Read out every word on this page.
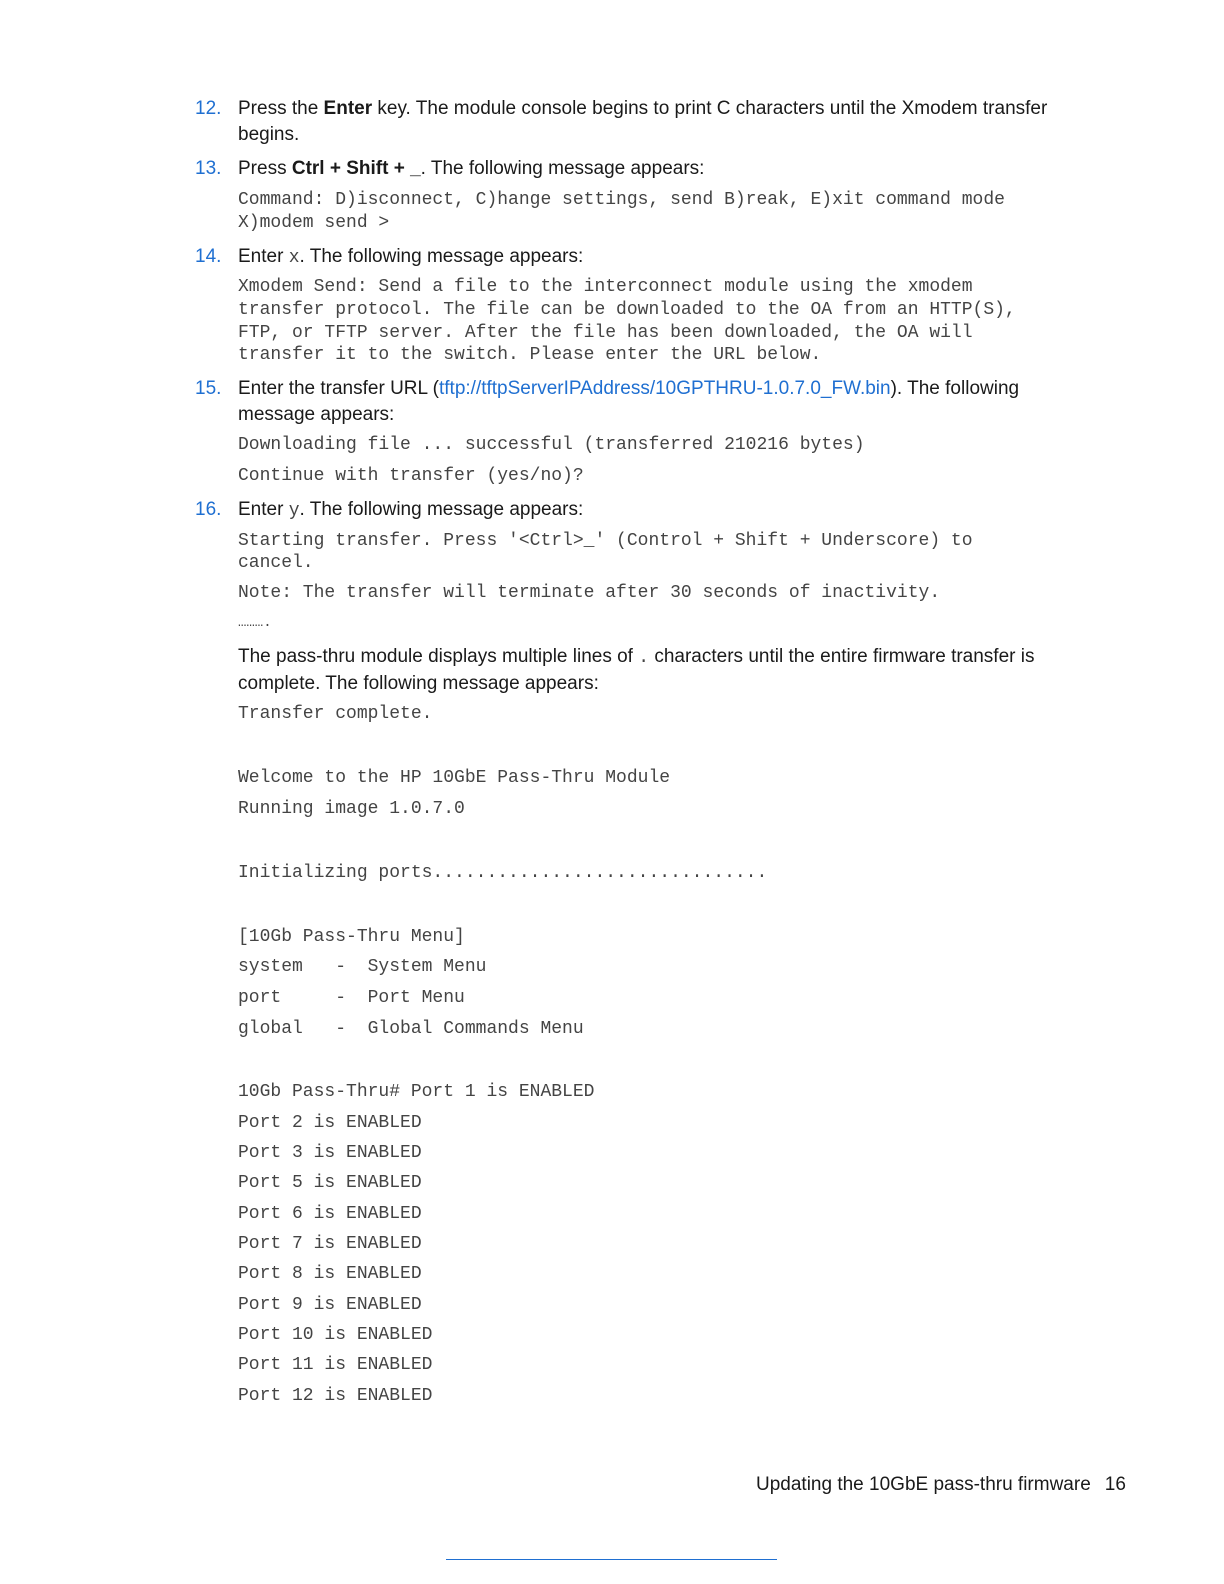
12. Press the Enter key. The module console begins to print C characters until the Xmodem transfer begins.
13. Press Ctrl + Shift + _. The following message appears:
Command: D)isconnect, C)hange settings, send B)reak, E)xit command mode
X)modem send >
14. Enter x. The following message appears:
Xmodem Send: Send a file to the interconnect module using the xmodem
transfer protocol. The file can be downloaded to the OA from an HTTP(S),
FTP, or TFTP server. After the file has been downloaded, the OA will
transfer it to the switch. Please enter the URL below.
15. Enter the transfer URL (tftp://tftpServerIPAddress/10GPTHRU-1.0.7.0_FW.bin). The following message appears:
Downloading file ... successful (transferred 210216 bytes)
Continue with transfer (yes/no)?
16. Enter y. The following message appears:
Starting transfer. Press '<Ctrl>_' (Control + Shift + Underscore) to
cancel.
Note: The transfer will terminate after 30 seconds of inactivity.
……….
The pass-thru module displays multiple lines of . characters until the entire firmware transfer is complete. The following message appears:
Transfer complete.
Welcome to the HP 10GbE Pass-Thru Module
Running image 1.0.7.0
Initializing ports...............................
[10Gb Pass-Thru Menu]
system   -  System Menu
port     -  Port Menu
global   -  Global Commands Menu
10Gb Pass-Thru# Port 1 is ENABLED
Port 2 is ENABLED
Port 3 is ENABLED
Port 5 is ENABLED
Port 6 is ENABLED
Port 7 is ENABLED
Port 8 is ENABLED
Port 9 is ENABLED
Port 10 is ENABLED
Port 11 is ENABLED
Port 12 is ENABLED
Updating the 10GbE pass-thru firmware 16
